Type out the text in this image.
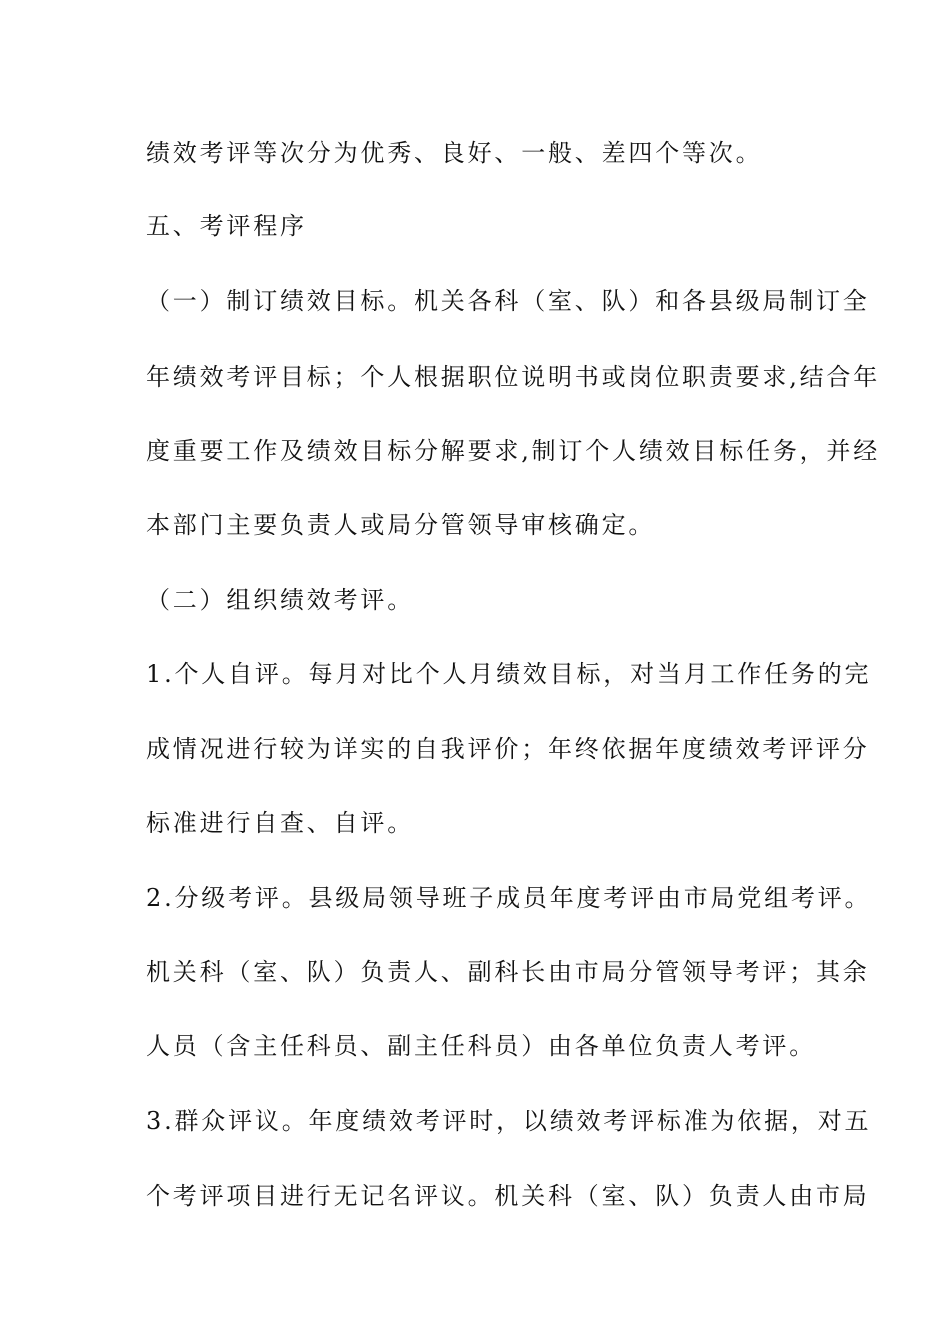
绩效考评等次分为优秀、良好、一般、差四个等次。
五、考评程序
（一）制订绩效目标。机关各科（室、队）和各县级局制订全
年绩效考评目标；个人根据职位说明书或岗位职责要求,结合年
度重要工作及绩效目标分解要求,制订个人绩效目标任务，并经
本部门主要负责人或局分管领导审核确定。
（二）组织绩效考评。
1.个人自评。每月对比个人月绩效目标，对当月工作任务的完
成情况进行较为详实的自我评价；年终依据年度绩效考评评分
标准进行自查、自评。
2.分级考评。县级局领导班子成员年度考评由市局党组考评。
机关科（室、队）负责人、副科长由市局分管领导考评；其余
人员（含主任科员、副主任科员）由各单位负责人考评。
3.群众评议。年度绩效考评时，以绩效考评标准为依据，对五
个考评项目进行无记名评议。机关科（室、队）负责人由市局
